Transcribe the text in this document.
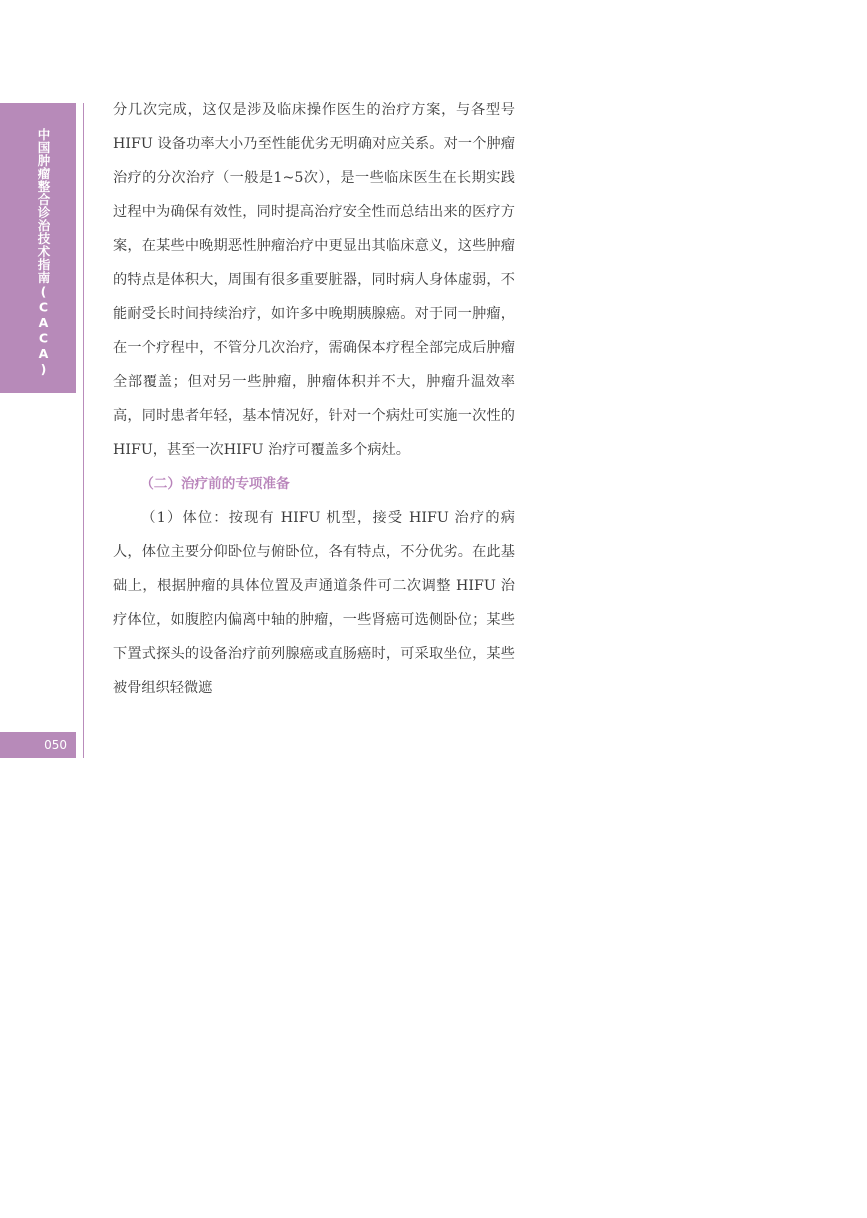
中国肿瘤整合诊治技术指南(CACA)
050

分几次完成，这仅是涉及临床操作医生的治疗方案，与各型号 HIFU 设备功率大小乃至性能优劣无明确对应关系。对一个肿瘤治疗的分次治疗（一般是1~5次），是一些临床医生在长期实践过程中为确保有效性，同时提高治疗安全性而总结出来的医疗方案，在某些中晚期恶性肿瘤治疗中更显出其临床意义，这些肿瘤的特点是体积大，周围有很多重要脏器，同时病人身体虚弱，不能耐受长时间持续治疗，如许多中晚期胰腺癌。对于同一肿瘤，在一个疗程中，不管分几次治疗，需确保本疗程全部完成后肿瘤全部覆盖；但对另一些肿瘤，肿瘤体积并不大，肿瘤升温效率高，同时患者年轻，基本情况好，针对一个病灶可实施一次性的 HIFU，甚至一次HIFU 治疗可覆盖多个病灶。

（二）治疗前的专项准备

（1）体位：按现有 HIFU 机型，接受 HIFU 治疗的病人，体位主要分仰卧位与俯卧位，各有特点，不分优劣。在此基础上，根据肿瘤的具体位置及声通道条件可二次调整 HIFU 治疗体位，如腹腔内偏离中轴的肿瘤，一些肾癌可选侧卧位；某些下置式探头的设备治疗前列腺癌或直肠癌时，可采取坐位，某些被骨组织轻微遮
